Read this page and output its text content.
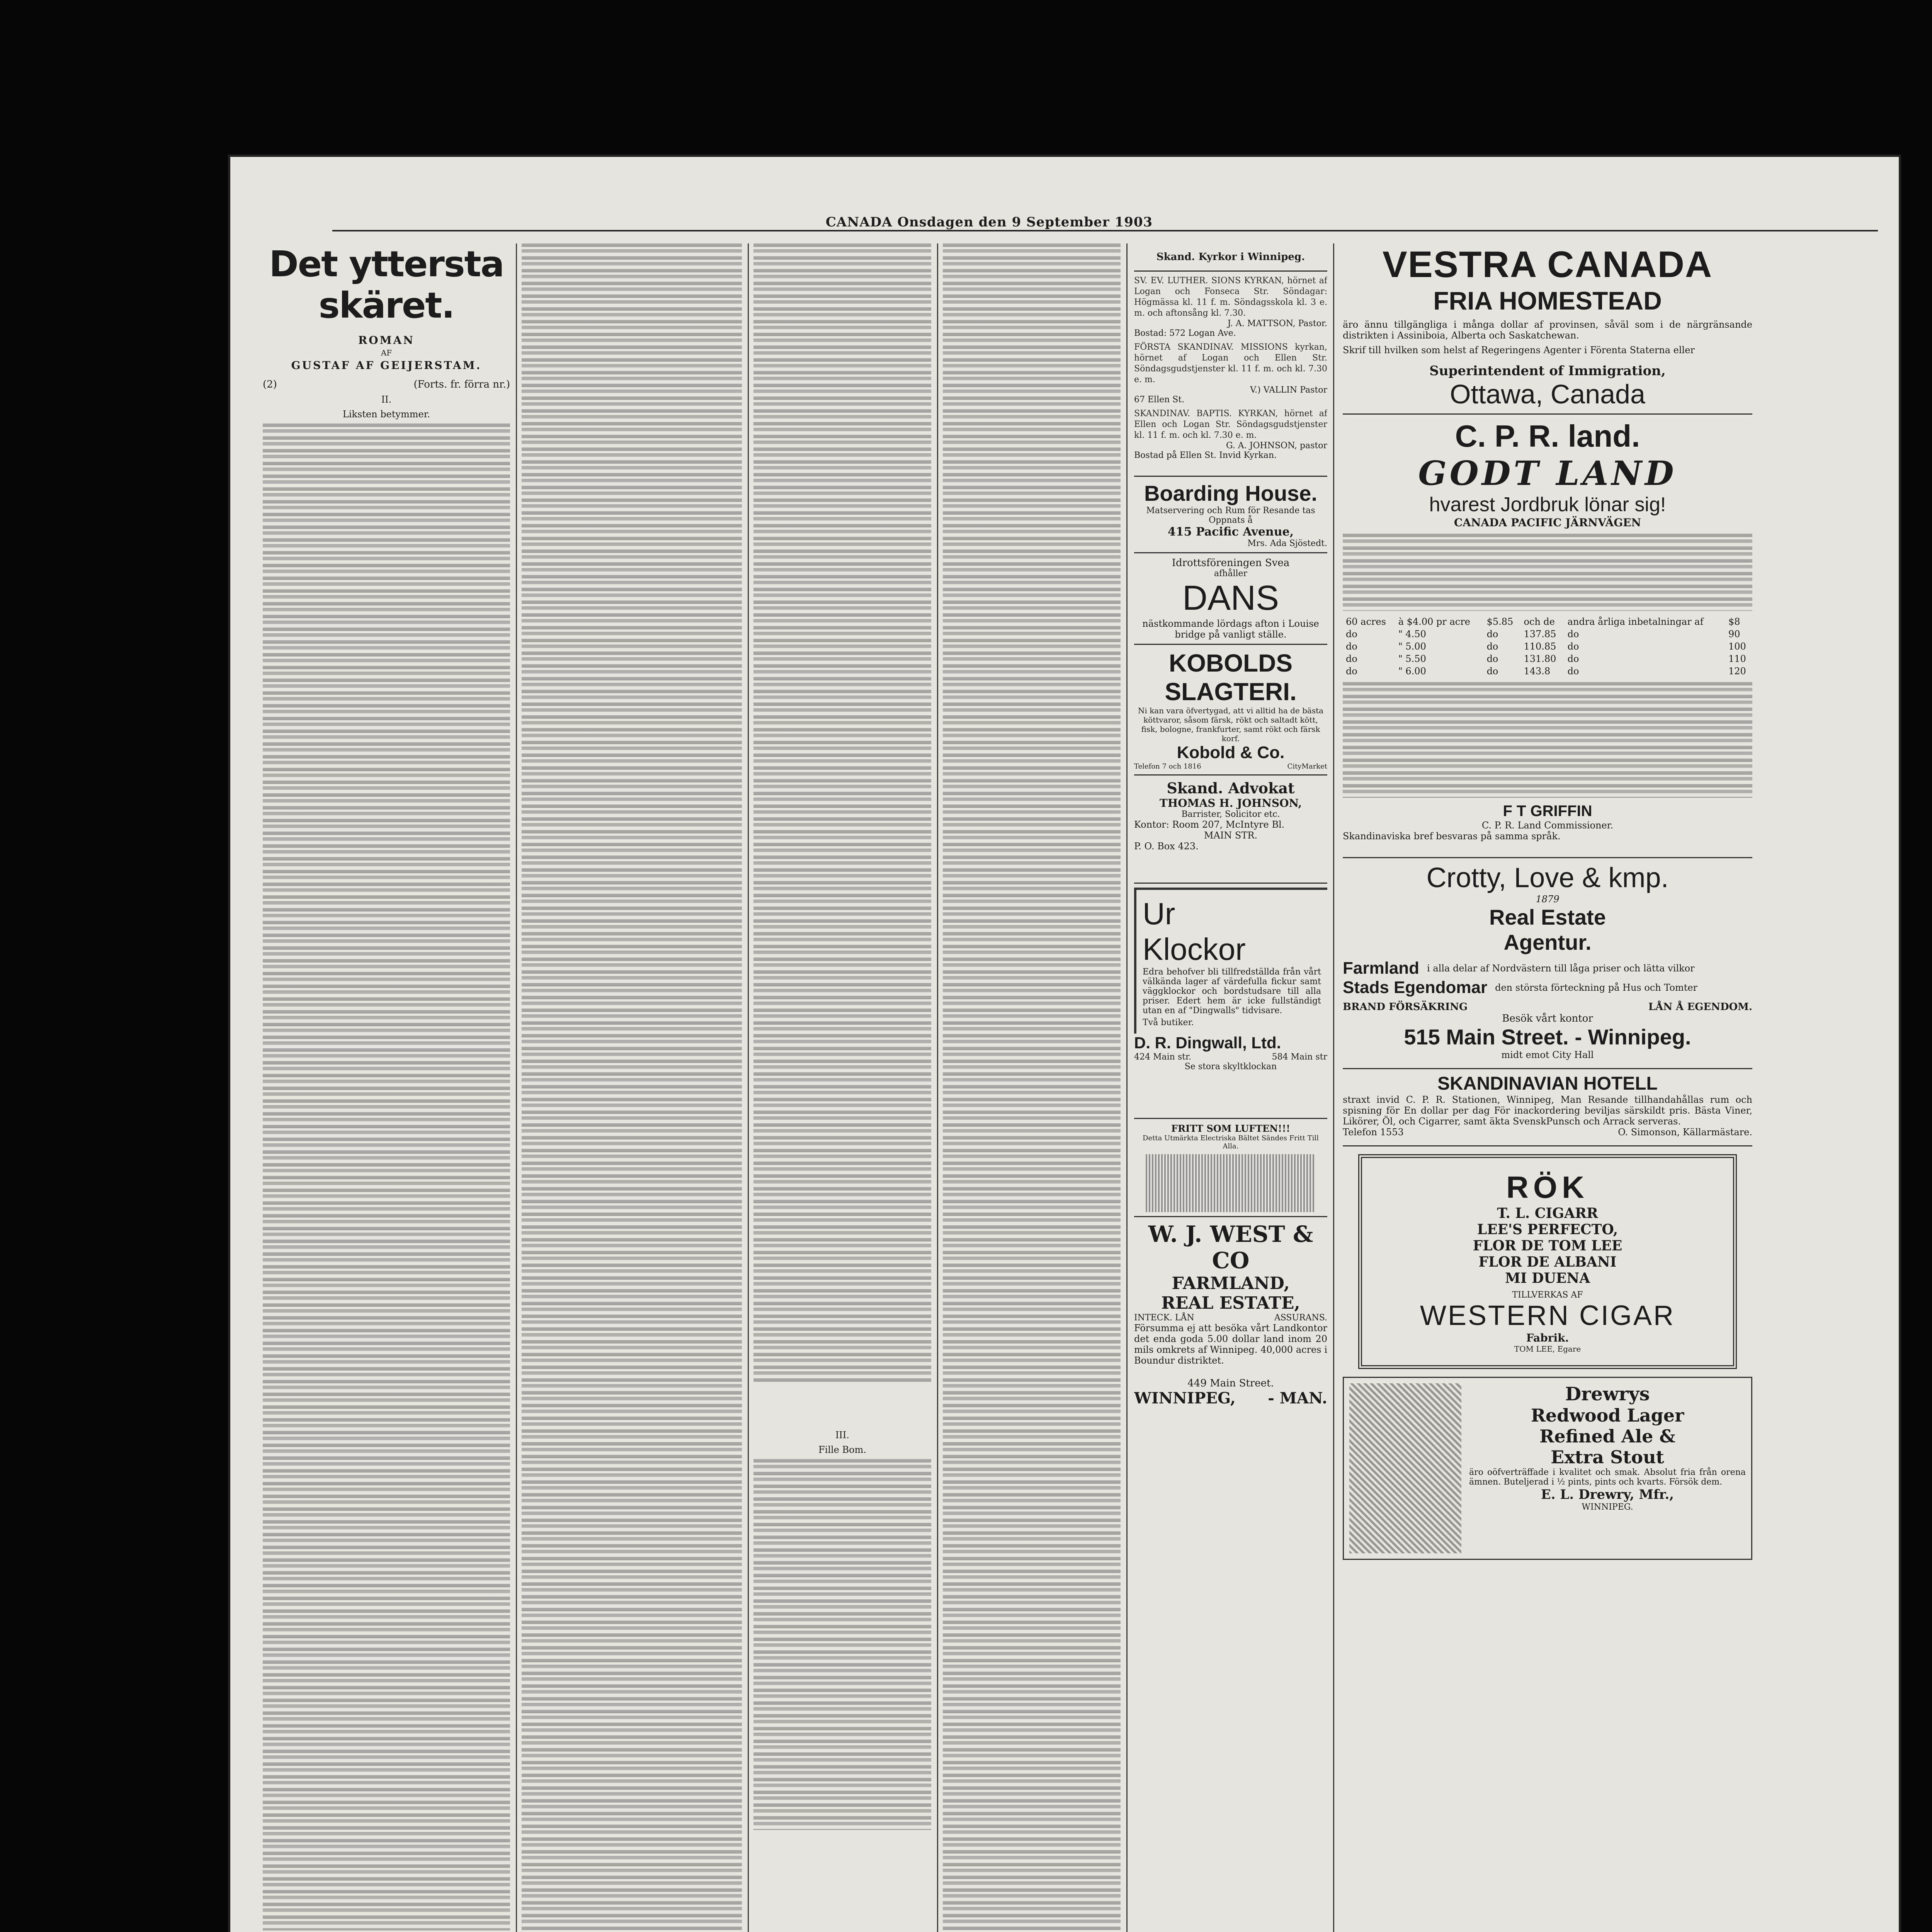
CANADA Onsdagen den 9 September 1903
Det yttersta skäret.
ROMAN
AF
GUSTAF AF GEIJERSTAM.
(2)	(Forts. fr. förra nr.)
II.
Liksten betymmer.
III.
Fille Bom.
Skand. Kyrkor i Winnipeg.
SV. EV. LUTHER. SIONS KYRKAN, hörnet af Logan och Fonseca Str. Söndagar: Högmässa kl. 11 f. m. Söndagsskola kl. 3 e. m. och aftonsång kl. 7.30.
J. A. MATTSON, Pastor.
Bostad: 572 Logan Ave.
FÖRSTA SKANDINAV. MISSIONS kyrkan, hörnet af Logan och Ellen Str. Söndagsgudstjenster kl. 11 f. m. och kl. 7.30 e. m.
V.) VALLIN Pastor
67 Ellen St.
SKANDINAV. BAPTIS. KYRKAN, hörnet af Ellen och Logan Str. Söndagsgudstjenster kl. 11 f. m. och kl. 7.30 e. m.
G. A. JOHNSON, pastor
Bostad på Ellen St. Invid Kyrkan.
Boarding House.
Matservering och Rum för Resande tas Oppnats å
415 Pacific Avenue,
Mrs. Ada Sjöstedt.
Idrottsföreningen Svea
afhåller
DANS
nästkommande lördags afton i Louise bridge på vanligt ställe.
KOBOLDS SLAGTERI.
Ni kan vara öfvertygad, att vi alltid ha de bästa köttvaror, såsom färsk, rökt och saltadt kött, fisk, bologne, frankfurter, samt rökt och färsk korf.
Kobold & Co.
Telefon 7 och 1816	CityMarket
Skand. Advokat
THOMAS H. JOHNSON,
Barrister, Solicitor etc.
Kontor: Room 207, McIntyre Bl.
MAIN STR.
P. O. Box 423.
Ur
Klockor
Edra behofver bli tillfredställda från vårt välkända lager af värdefulla fickur samt väggklockor och bordstudsare till alla priser. Edert hem är icke fullständigt utan en af "Dingwalls" tidvisare.
Två butiker.
D. R. Dingwall, Ltd.
424 Main str.	584 Main str
Se stora skyltklockan
FRITT SOM LUFTEN!!!
Detta Utmärkta Electriska Bältet Sändes Fritt Till Alla.
W. J. WEST & CO
FARMLAND,
REAL ESTATE,
INTECK. LÅN	ASSURANS.
Försumma ej att besöka vårt Landkontor det enda goda 5.00 dollar land inom 20 mils omkrets af Winnipeg. 40,000 acres i Boundur distriktet.
449 Main Street.
WINNIPEG, - MAN.
VESTRA CANADA
FRIA HOMESTEAD
äro ännu tillgängliga i många dollar af provinsen, såväl som i de närgränsande distrikten i Assiniboia, Alberta och Saskatchewan.
Skrif till hvilken som helst af Regeringens Agenter i Förenta Staterna eller
Superintendent of Immigration,
Ottawa, Canada
C. P. R. land.
GODT LAND
hvarest Jordbruk lönar sig!
CANADA PACIFIC JÄRNVÄGEN
60 acres	à $4.00 pr acre	$5.85	och de	andra årliga inbetalningar af	$8
do	" 4.50	do	137.85	do	90
do	" 5.00	do	110.85	do	100
do	" 5.50	do	131.80	do	110
do	" 6.00	do	143.8	do	120
F T GRIFFIN
C. P. R. Land Commissioner.
Skandinaviska bref besvaras på samma språk.
Crotty, Love & kmp.
1879
Real Estate
Agentur.
Farmland i alla delar af Nordvästern till låga priser och lätta vilkor
Stads Egendomar den största förteckning på Hus och Tomter
BRAND FÖRSÄKRING	LÅN Å EGENDOM.
Besök vårt kontor
515 Main Street. - Winnipeg.
midt emot City Hall
SKANDINAVIAN HOTELL
straxt invid C. P. R. Stationen, Winnipeg, Man Resande tillhandahållas rum och spisning för En dollar per dag För inackordering beviljas särskildt pris. Bästa Viner, Likörer, Öl, och Cigarrer, samt äkta SvenskPunsch och Arrack serveras.
Telefon 1553	O. Simonson, Källarmästare.
RÖK
T. L. CIGARR
LEE'S PERFECTO,
FLOR DE TOM LEE
FLOR DE ALBANI
MI DUENA
TILLVERKAS AF
WESTERN CIGAR
Fabrik.
TOM LEE, Egare
Drewrys
Redwood Lager
Refined Ale &
Extra Stout
äro oöfverträffade i kvalitet och smak. Absolut fria från orena ämnen. Buteljerad i ½ pints, pints och kvarts. Försök dem.
E. L. Drewry, Mfr.,
WINNIPEG.
